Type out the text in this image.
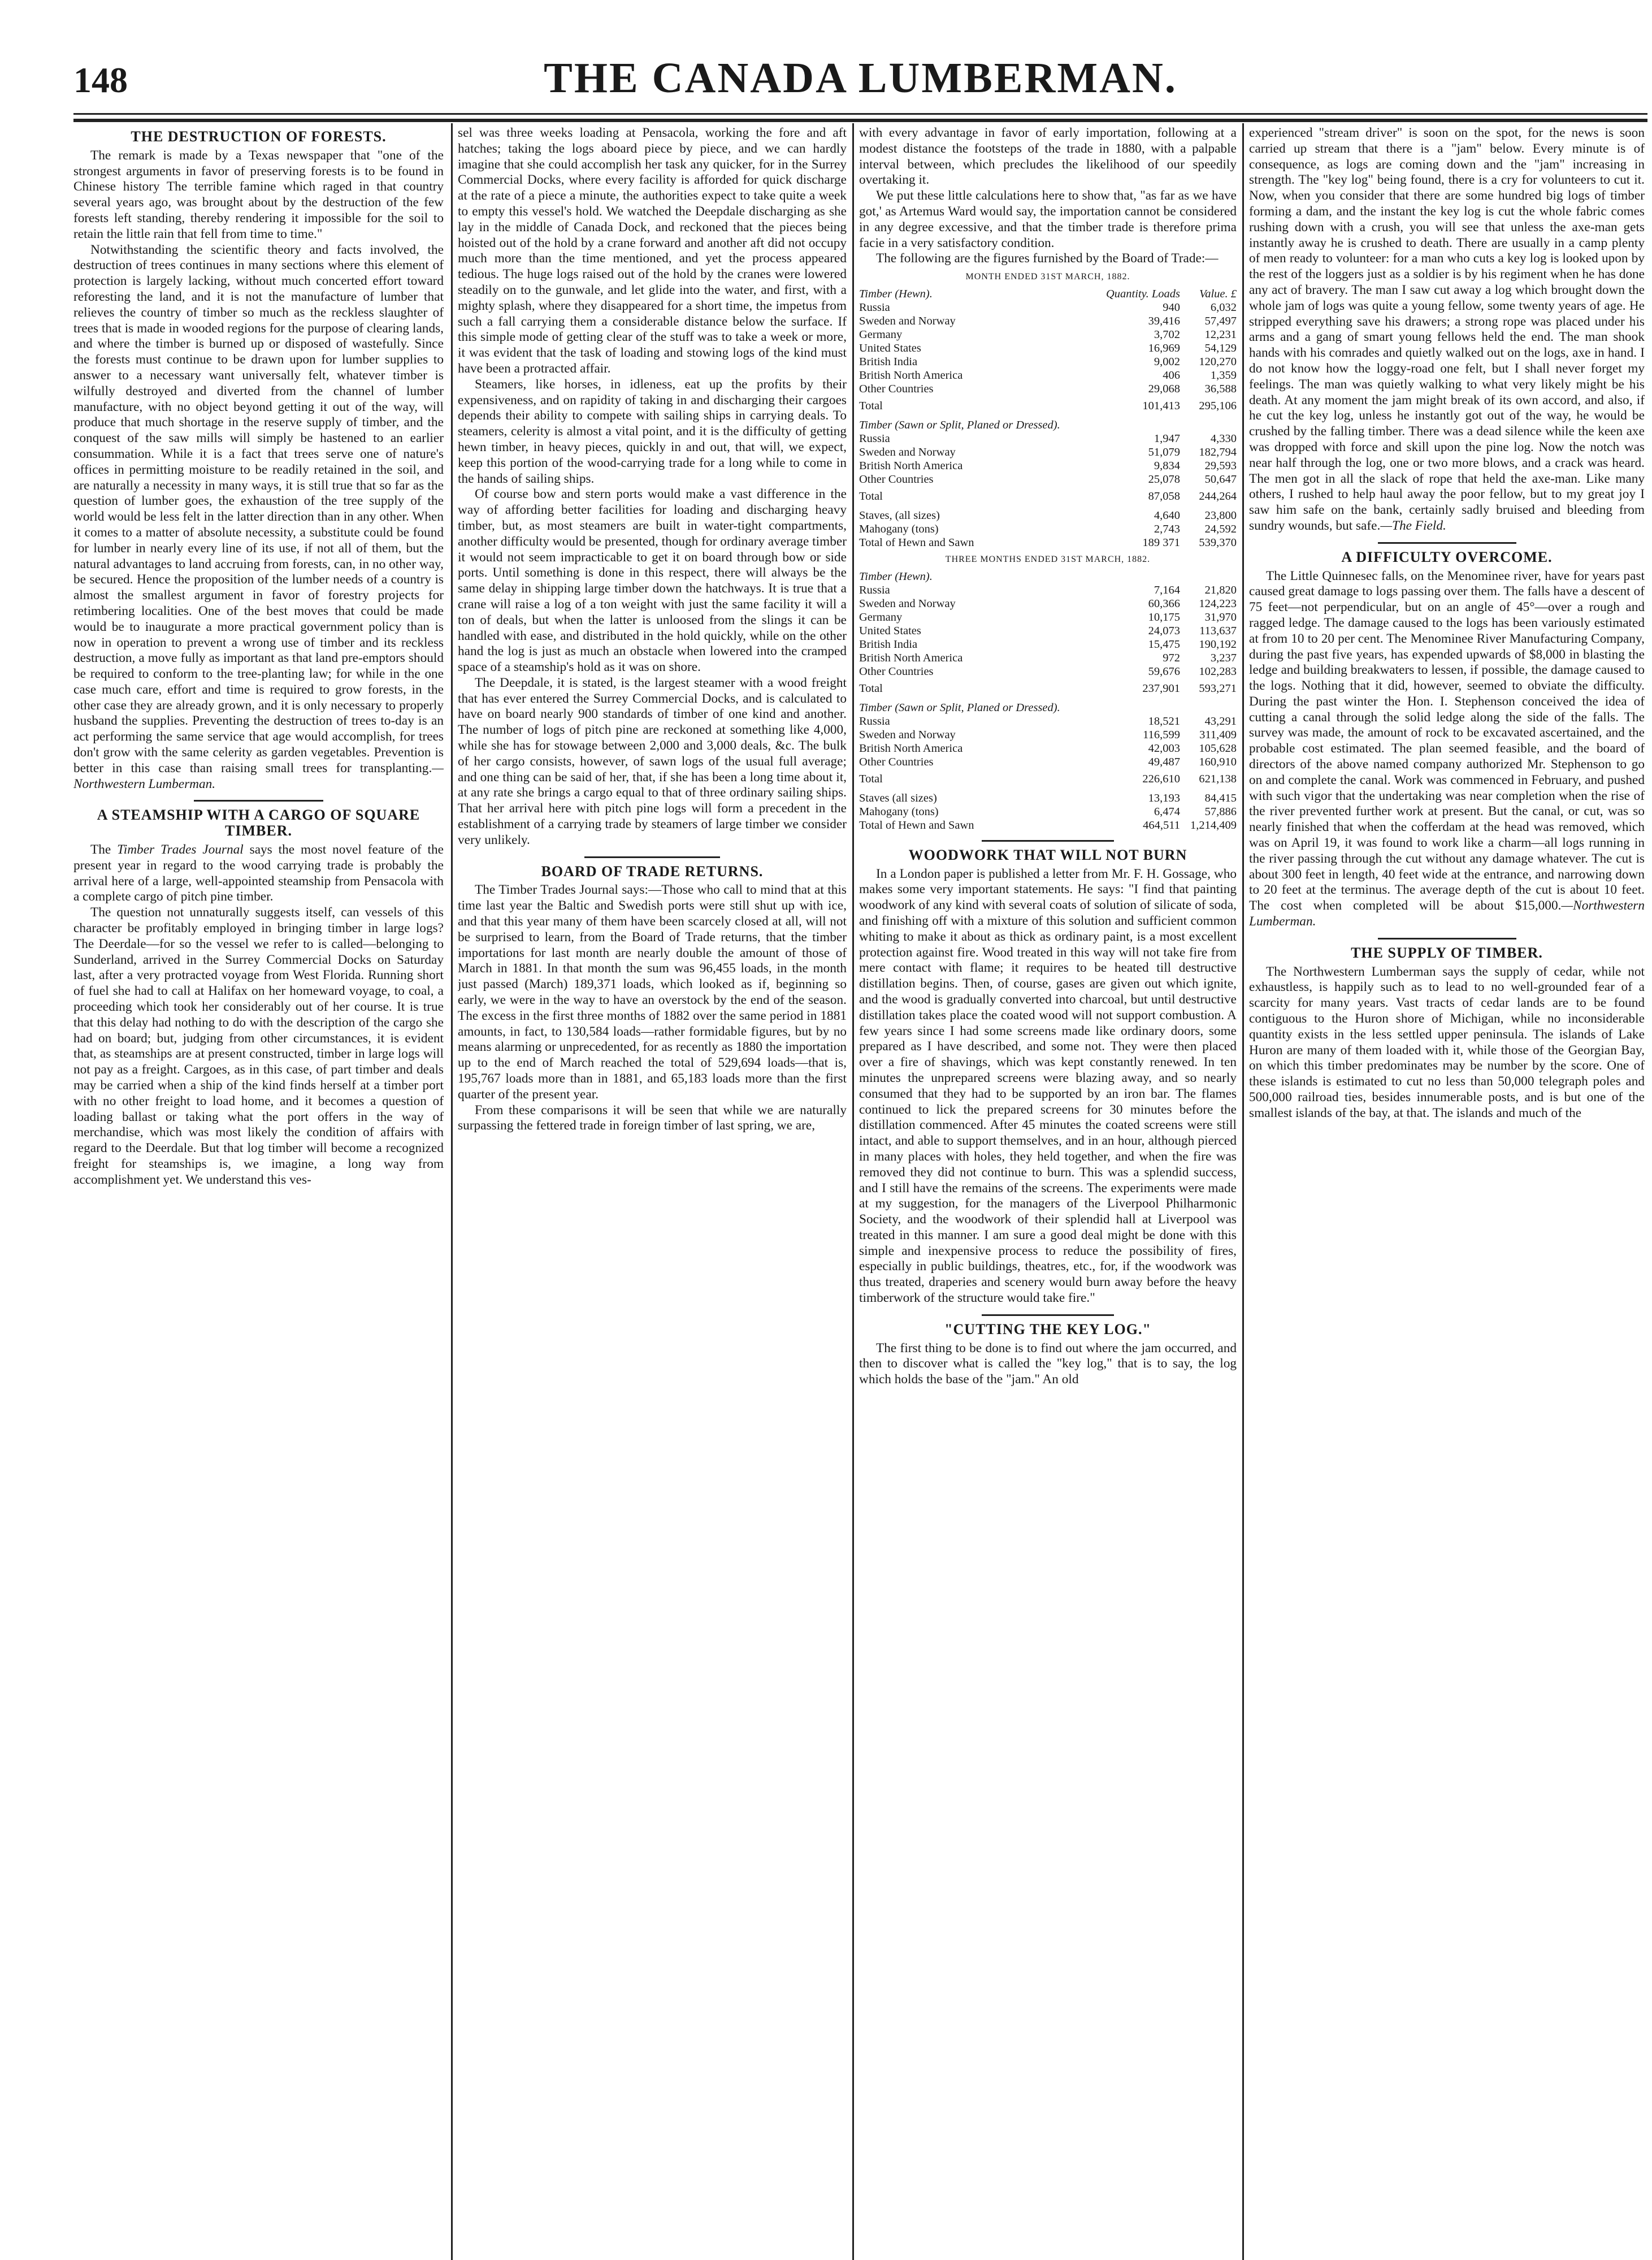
148	THE CANADA LUMBERMAN.
THE DESTRUCTION OF FORESTS.

The remark is made by a Texas newspaper that "one of the strongest arguments in favor of preserving forests is to be found in Chinese history The terrible famine which raged in that country several years ago, was brought about by the destruction of the few forests left standing, thereby rendering it impossible for the soil to retain the little rain that fell from time to time."

Notwithstanding the scientific theory and facts involved, the destruction of trees continues in many sections where this element of protection is largely lacking, without much concerted effort toward reforesting the land, and it is not the manufacture of lumber that relieves the country of timber so much as the reckless slaughter of trees that is made in wooded regions for the purpose of clearing lands, and where the timber is burned up or disposed of wastefully. Since the forests must continue to be drawn upon for lumber supplies to answer to a necessary want universally felt, whatever timber is wilfully destroyed and diverted from the channel of lumber manufacture, with no object beyond getting it out of the way, will produce that much shortage in the reserve supply of timber, and the conquest of the saw mills will simply be hastened to an earlier consummation. While it is a fact that trees serve one of nature's offices in permitting moisture to be readily retained in the soil, and are naturally a necessity in many ways, it is still true that so far as the question of lumber goes, the exhaustion of the tree supply of the world would be less felt in the latter direction than in any other. When it comes to a matter of absolute necessity, a substitute could be found for lumber in nearly every line of its use, if not all of them, but the natural advantages to land accruing from forests, can, in no other way, be secured. Hence the proposition of the lumber needs of a country is almost the smallest argument in favor of forestry projects for retimbering localities. One of the best moves that could be made would be to inaugurate a more practical government policy than is now in operation to prevent a wrong use of timber and its reckless destruction, a move fully as important as that land pre-emptors should be required to conform to the tree-planting law; for while in the one case much care, effort and time is required to grow forests, in the other case they are already grown, and it is only necessary to properly husband the supplies. Preventing the destruction of trees to-day is an act performing the same service that age would accomplish, for trees don't grow with the same celerity as garden vegetables. Prevention is better in this case than raising small trees for transplanting.—Northwestern Lumberman.

A STEAMSHIP WITH A CARGO OF SQUARE TIMBER.

The Timber Trades Journal says the most novel feature of the present year in regard to the wood carrying trade is probably the arrival here of a large, well-appointed steamship from Pensacola with a complete cargo of pitch pine timber.

The question not unnaturally suggests itself, can vessels of this character be profitably employed in bringing timber in large logs? The Deerdale—for so the vessel we refer to is called—belonging to Sunderland, arrived in the Surrey Commercial Docks on Saturday last, after a very protracted voyage from West Florida. Running short of fuel she had to call at Halifax on her homeward voyage, to coal, a proceeding which took her considerably out of her course. It is true that this delay had nothing to do with the description of the cargo she had on board; but, judging from other circumstances, it is evident that, as steamships are at present constructed, timber in large logs will not pay as a freight. Cargoes, as in this case, of part timber and deals may be carried when a ship of the kind finds herself at a timber port with no other freight to load home, and it becomes a question of loading ballast or taking what the port offers in the way of merchandise, which was most likely the condition of affairs with regard to the Deerdale. But that log timber will become a recognized freight for steamships is, we imagine, a long way from accomplishment yet. We understand this ves-

sel was three weeks loading at Pensacola, working the fore and aft hatches; taking the logs aboard piece by piece, and we can hardly imagine that she could accomplish her task any quicker, for in the Surrey Commercial Docks, where every facility is afforded for quick discharge at the rate of a piece a minute, the authorities expect to take quite a week to empty this vessel's hold. We watched the Deepdale discharging as she lay in the middle of Canada Dock, and reckoned that the pieces being hoisted out of the hold by a crane forward and another aft did not occupy much more than the time mentioned, and yet the process appeared tedious. The huge logs raised out of the hold by the cranes were lowered steadily on to the gunwale, and let glide into the water, and first, with a mighty splash, where they disappeared for a short time, the impetus from such a fall carrying them a considerable distance below the surface. If this simple mode of getting clear of the stuff was to take a week or more, it was evident that the task of loading and stowing logs of the kind must have been a protracted affair.

Steamers, like horses, in idleness, eat up the profits by their expensiveness, and on rapidity of taking in and discharging their cargoes depends their ability to compete with sailing ships in carrying deals. To steamers, celerity is almost a vital point, and it is the difficulty of getting hewn timber, in heavy pieces, quickly in and out, that will, we expect, keep this portion of the wood-carrying trade for a long while to come in the hands of sailing ships.

Of course bow and stern ports would make a vast difference in the way of affording better facilities for loading and discharging heavy timber, but, as most steamers are built in water-tight compartments, another difficulty would be presented, though for ordinary average timber it would not seem impracticable to get it on board through bow or side ports. Until something is done in this respect, there will always be the same delay in shipping large timber down the hatchways. It is true that a crane will raise a log of a ton weight with just the same facility it will a ton of deals, but when the latter is unloosed from the slings it can be handled with ease, and distributed in the hold quickly, while on the other hand the log is just as much an obstacle when lowered into the cramped space of a steamship's hold as it was on shore.

The Deepdale, it is stated, is the largest steamer with a wood freight that has ever entered the Surrey Commercial Docks, and is calculated to have on board nearly 900 standards of timber of one kind and another. The number of logs of pitch pine are reckoned at something like 4,000, while she has for stowage between 2,000 and 3,000 deals, &c. The bulk of her cargo consists, however, of sawn logs of the usual full average; and one thing can be said of her, that, if she has been a long time about it, at any rate she brings a cargo equal to that of three ordinary sailing ships. That her arrival here with pitch pine logs will form a precedent in the establishment of a carrying trade by steamers of large timber we consider very unlikely.

BOARD OF TRADE RETURNS.

The Timber Trades Journal says:—Those who call to mind that at this time last year the Baltic and Swedish ports were still shut up with ice, and that this year many of them have been scarcely closed at all, will not be surprised to learn, from the Board of Trade returns, that the timber importations for last month are nearly double the amount of those of March in 1881. In that month the sum was 96,455 loads, in the month just passed (March) 189,371 loads, which looked as if, beginning so early, we were in the way to have an overstock by the end of the season. The excess in the first three months of 1882 over the same period in 1881 amounts, in fact, to 130,584 loads—rather formidable figures, but by no means alarming or unprecedented, for as recently as 1880 the importation up to the end of March reached the total of 529,694 loads—that is, 195,767 loads more than in 1881, and 65,183 loads more than the first quarter of the present year.

From these comparisons it will be seen that while we are naturally surpassing the fettered trade in foreign timber of last spring, we are,

with every advantage in favor of early importation, following at a modest distance the footsteps of the trade in 1880, with a palpable interval between, which precludes the likelihood of our speedily overtaking it.

We put these little calculations here to show that, "as far as we have got,' as Artemus Ward would say, the importation cannot be considered in any degree excessive, and that the timber trade is therefore prima facie in a very satisfactory condition.

The following are the figures furnished by the Board of Trade:—

MONTH ENDED 31ST MARCH, 1882.
Timber (Hewn).	Quantity. Loads	Value. £
Russia	940	6,032
Sweden and Norway	39,416	57,497
Germany	3,702	12,231
United States	16,969	54,129
British India	9,002	120,270
British North America	406	1,359
Other Countries	29,068	36,588
Total	101,413	295,106

Timber (Sawn or Split, Planed or Dressed).		
Russia	1,947	4,330
Sweden and Norway	51,079	182,794
British North America	9,834	29,593
Other Countries	25,078	50,647
Total	87,058	244,264

Staves, (all sizes)	4,640	23,800
Mahogany (tons)	2,743	24,592
Total of Hewn and Sawn	189 371	539,370
THREE MONTHS ENDED 31ST MARCH, 1882.
Timber (Hewn).		
Russia	7,164	21,820
Sweden and Norway	60,366	124,223
Germany	10,175	31,970
United States	24,073	113,637
British India	15,475	190,192
British North America	972	3,237
Other Countries	59,676	102,283
Total	237,901	593,271

Timber (Sawn or Split, Planed or Dressed).		
Russia	18,521	43,291
Sweden and Norway	116,599	311,409
British North America	42,003	105,628
Other Countries	49,487	160,910
Total	226,610	621,138

Staves (all sizes)	13,193	84,415
Mahogany (tons)	6,474	57,886
Total of Hewn and Sawn	464,511	1,214,409
WOODWORK THAT WILL NOT BURN

In a London paper is published a letter from Mr. F. H. Gossage, who makes some very important statements. He says: "I find that painting woodwork of any kind with several coats of solution of silicate of soda, and finishing off with a mixture of this solution and sufficient common whiting to make it about as thick as ordinary paint, is a most excellent protection against fire. Wood treated in this way will not take fire from mere contact with flame; it requires to be heated till destructive distillation begins. Then, of course, gases are given out which ignite, and the wood is gradually converted into charcoal, but until destructive distillation takes place the coated wood will not support combustion. A few years since I had some screens made like ordinary doors, some prepared as I have described, and some not. They were then placed over a fire of shavings, which was kept constantly renewed. In ten minutes the unprepared screens were blazing away, and so nearly consumed that they had to be supported by an iron bar. The flames continued to lick the prepared screens for 30 minutes before the distillation commenced. After 45 minutes the coated screens were still intact, and able to support themselves, and in an hour, although pierced in many places with holes, they held together, and when the fire was removed they did not continue to burn. This was a splendid success, and I still have the remains of the screens. The experiments were made at my suggestion, for the managers of the Liverpool Philharmonic Society, and the woodwork of their splendid hall at Liverpool was treated in this manner. I am sure a good deal might be done with this simple and inexpensive process to reduce the possibility of fires, especially in public buildings, theatres, etc., for, if the woodwork was thus treated, draperies and scenery would burn away before the heavy timberwork of the structure would take fire."

"CUTTING THE KEY LOG."

The first thing to be done is to find out where the jam occurred, and then to discover what is called the "key log," that is to say, the log which holds the base of the "jam." An old

experienced "stream driver" is soon on the spot, for the news is soon carried up stream that there is a "jam" below. Every minute is of consequence, as logs are coming down and the "jam" increasing in strength. The "key log" being found, there is a cry for volunteers to cut it. Now, when you consider that there are some hundred big logs of timber forming a dam, and the instant the key log is cut the whole fabric comes rushing down with a crush, you will see that unless the axe-man gets instantly away he is crushed to death. There are usually in a camp plenty of men ready to volunteer: for a man who cuts a key log is looked upon by the rest of the loggers just as a soldier is by his regiment when he has done any act of bravery. The man I saw cut away a log which brought down the whole jam of logs was quite a young fellow, some twenty years of age. He stripped everything save his drawers; a strong rope was placed under his arms and a gang of smart young fellows held the end. The man shook hands with his comrades and quietly walked out on the logs, axe in hand. I do not know how the loggy-road one felt, but I shall never forget my feelings. The man was quietly walking to what very likely might be his death. At any moment the jam might break of its own accord, and also, if he cut the key log, unless he instantly got out of the way, he would be crushed by the falling timber. There was a dead silence while the keen axe was dropped with force and skill upon the pine log. Now the notch was near half through the log, one or two more blows, and a crack was heard. The men got in all the slack of rope that held the axe-man. Like many others, I rushed to help haul away the poor fellow, but to my great joy I saw him safe on the bank, certainly sadly bruised and bleeding from sundry wounds, but safe.—The Field.

A DIFFICULTY OVERCOME.

The Little Quinnesec falls, on the Menominee river, have for years past caused great damage to logs passing over them. The falls have a descent of 75 feet—not perpendicular, but on an angle of 45°—over a rough and ragged ledge. The damage caused to the logs has been variously estimated at from 10 to 20 per cent. The Menominee River Manufacturing Company, during the past five years, has expended upwards of $8,000 in blasting the ledge and building breakwaters to lessen, if possible, the damage caused to the logs. Nothing that it did, however, seemed to obviate the difficulty. During the past winter the Hon. I. Stephenson conceived the idea of cutting a canal through the solid ledge along the side of the falls. The survey was made, the amount of rock to be excavated ascertained, and the probable cost estimated. The plan seemed feasible, and the board of directors of the above named company authorized Mr. Stephenson to go on and complete the canal. Work was commenced in February, and pushed with such vigor that the undertaking was near completion when the rise of the river prevented further work at present. But the canal, or cut, was so nearly finished that when the cofferdam at the head was removed, which was on April 19, it was found to work like a charm—all logs running in the river passing through the cut without any damage whatever. The cut is about 300 feet in length, 40 feet wide at the entrance, and narrowing down to 20 feet at the terminus. The average depth of the cut is about 10 feet. The cost when completed will be about $15,000.—Northwestern Lumberman.

THE SUPPLY OF TIMBER.

The Northwestern Lumberman says the supply of cedar, while not exhaustless, is happily such as to lead to no well-grounded fear of a scarcity for many years. Vast tracts of cedar lands are to be found contiguous to the Huron shore of Michigan, while no inconsiderable quantity exists in the less settled upper peninsula. The islands of Lake Huron are many of them loaded with it, while those of the Georgian Bay, on which this timber predominates may be number by the score. One of these islands is estimated to cut no less than 50,000 telegraph poles and 500,000 railroad ties, besides innumerable posts, and is but one of the smallest islands of the bay, at that. The islands and much of the
